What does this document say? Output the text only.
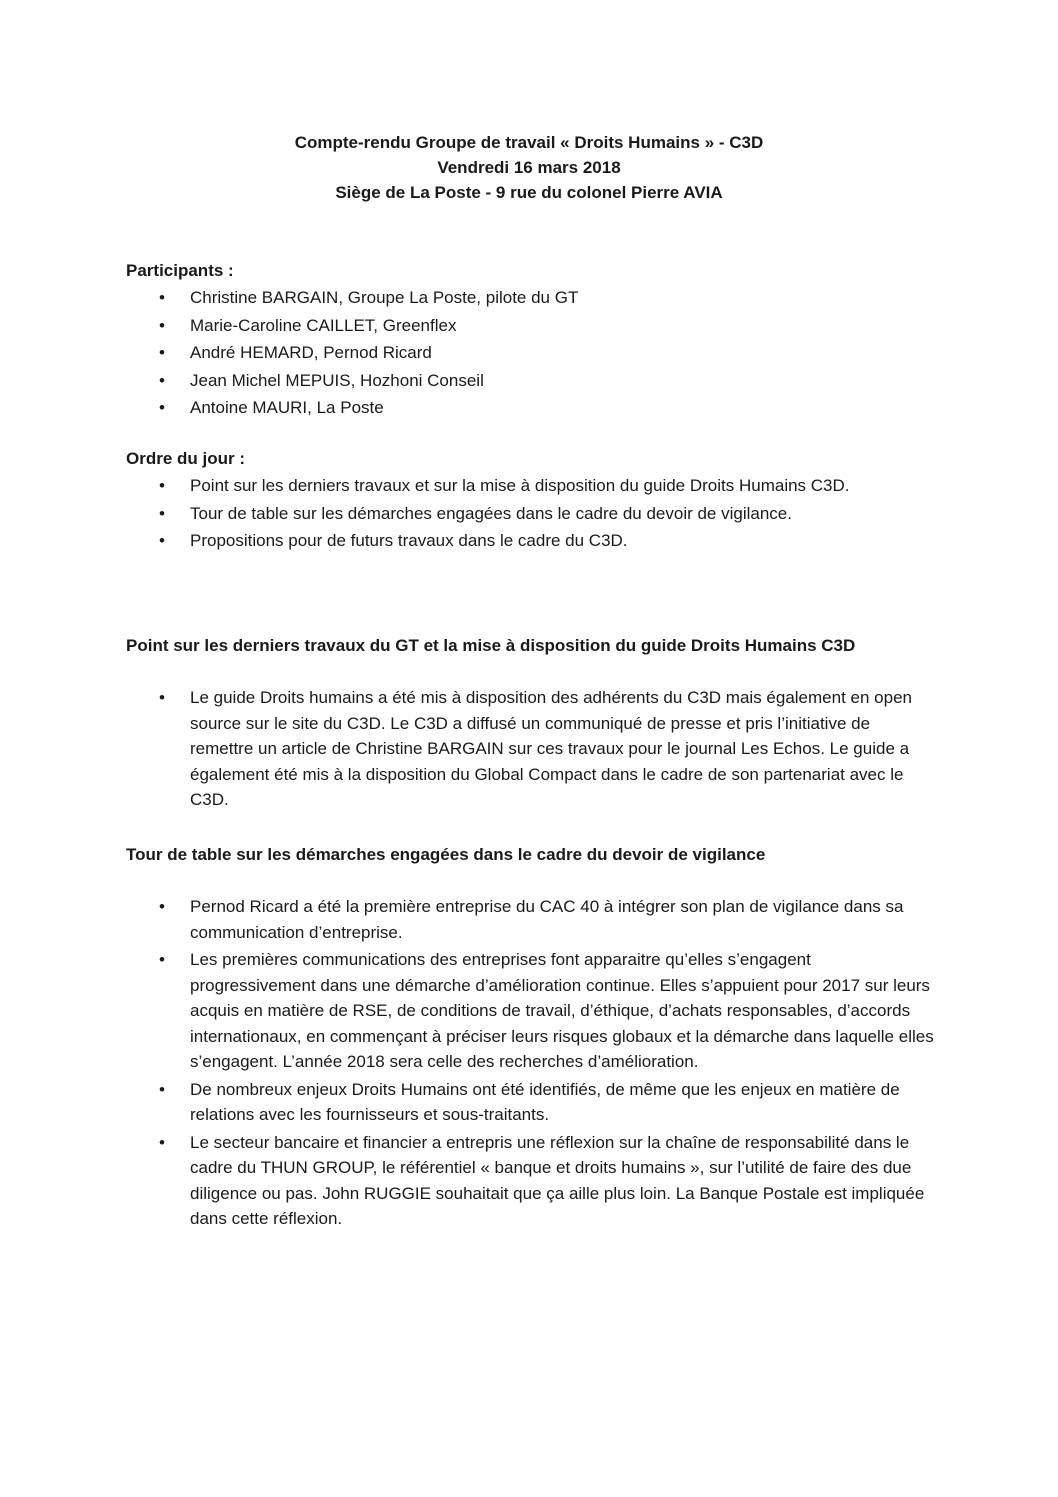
Compte-rendu Groupe de travail « Droits Humains » - C3D
Vendredi 16 mars 2018
Siège de La Poste - 9 rue du colonel Pierre AVIA
Participants :
• Christine BARGAIN, Groupe La Poste, pilote du GT
• Marie-Caroline CAILLET, Greenflex
• André HEMARD, Pernod Ricard
• Jean Michel MEPUIS, Hozhoni Conseil
• Antoine MAURI, La Poste
Ordre du jour :
• Point sur les derniers travaux et sur la mise à disposition du guide Droits Humains C3D.
• Tour de table sur les démarches engagées dans le cadre du devoir de vigilance.
• Propositions pour de futurs travaux dans le cadre du C3D.
Point sur les derniers travaux du GT et la mise à disposition du guide Droits Humains C3D
• Le guide Droits humains a été mis à disposition des adhérents du C3D mais également en open source sur le site du C3D. Le C3D a diffusé un communiqué de presse et pris l’initiative de remettre un article de Christine BARGAIN sur ces travaux pour le journal Les Echos. Le guide a également été mis à la disposition du Global Compact dans le cadre de son partenariat avec le C3D.
Tour de table sur les démarches engagées dans le cadre du devoir de vigilance
• Pernod Ricard a été la première entreprise du CAC 40 à intégrer son plan de vigilance dans sa communication d’entreprise.
• Les premières communications des entreprises font apparaitre qu’elles s’engagent progressivement dans une démarche d’amélioration continue. Elles s’appuient pour 2017 sur leurs acquis en matière de RSE, de conditions de travail, d’éthique, d’achats responsables, d’accords internationaux, en commençant à préciser leurs risques globaux et la démarche dans laquelle elles s’engagent. L’année 2018 sera celle des recherches d’amélioration.
• De nombreux enjeux Droits Humains ont été identifiés, de même que les enjeux en matière de relations avec les fournisseurs et sous-traitants.
• Le secteur bancaire et financier a entrepris une réflexion sur la chaîne de responsabilité dans le cadre du THUN GROUP, le référentiel « banque et droits humains », sur l’utilité de faire des due diligence ou pas. John RUGGIE souhaitait que ça aille plus loin. La Banque Postale est impliquée dans cette réflexion.
